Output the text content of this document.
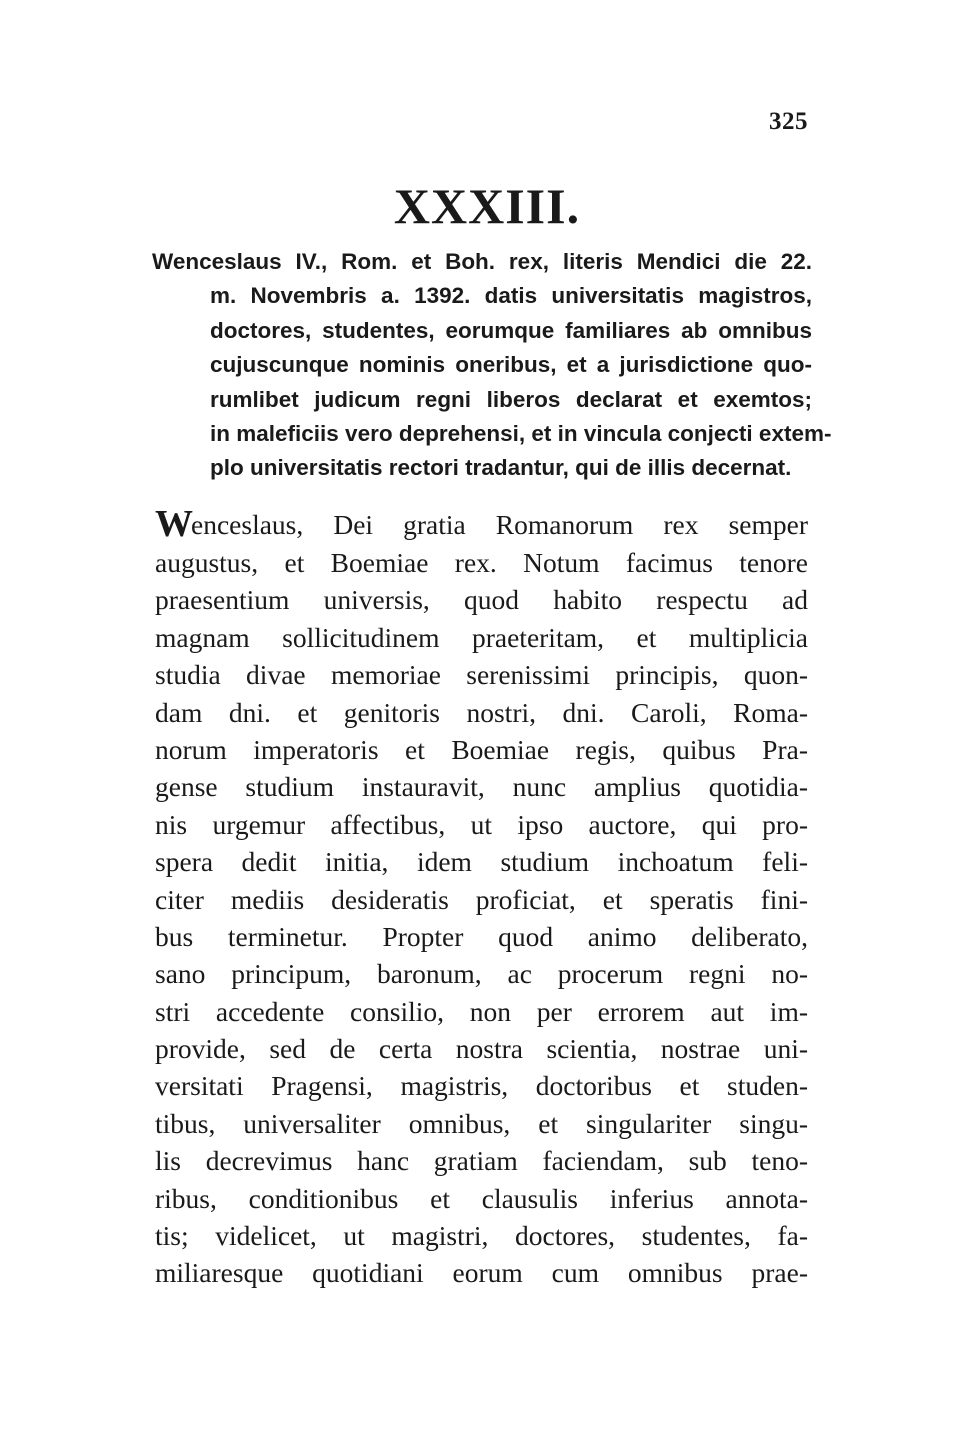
325
XXXIII.
Wenceslaus IV., Rom. et Boh. rex, literis Mendici die 22.
m. Novembris a. 1392. datis universitatis magistros,
doctores, studentes, eorumque familiares ab omnibus
cujuscunque nominis oneribus, et a jurisdictione quo-
rumlibet judicum regni liberos declarat et exemtos;
in maleficiis vero deprehensi, et in vincula conjecti extem-
plo universitatis rectori tradantur, qui de illis decernat.
Wenceslaus, Dei gratia Romanorum rex semper
augustus, et Boemiae rex. Notum facimus tenore
praesentium universis, quod habito respectu ad
magnam sollicitudinem praeteritam, et multiplicia
studia divae memoriae serenissimi principis, quon-
dam dni. et genitoris nostri, dni. Caroli, Roma-
norum imperatoris et Boemiae regis, quibus Pra-
gense studium instauravit, nunc amplius quotidia-
nis urgemur affectibus, ut ipso auctore, qui pro-
spera dedit initia, idem studium inchoatum feli-
citer mediis desideratis proficiat, et speratis fini-
bus terminetur. Propter quod animo deliberato,
sano principum, baronum, ac procerum regni no-
stri accedente consilio, non per errorem aut im-
provide, sed de certa nostra scientia, nostrae uni-
versitati Pragensi, magistris, doctoribus et studen-
tibus, universaliter omnibus, et singulariter singu-
lis decrevimus hanc gratiam faciendam, sub teno-
ribus, conditionibus et clausulis inferius annota-
tis; videlicet, ut magistri, doctores, studentes, fa-
miliaresque quotidiani eorum cum omnibus prae-
